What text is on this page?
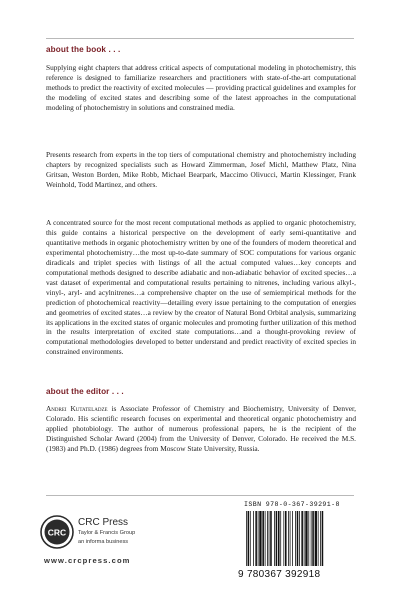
about the book . . .

Supplying eight chapters that address critical aspects of computational modeling in photochemistry, this reference is designed to familiarize researchers and practitioners with state-of-the-art computational methods to predict the reactivity of excited molecules — providing practical guidelines and examples for the modeling of excited states and describing some of the latest approaches in the computational modeling of photochemistry in solutions and constrained media.

Presents research from experts in the top tiers of computational chemistry and photochemistry including chapters by recognized specialists such as Howard Zimmerman, Josef Michl, Matthew Platz, Nina Gritsan, Weston Borden, Mike Robb, Michael Bearpark, Maccimo Olivucci, Martin Klessinger, Frank Weinhold, Todd Martinez, and others.

A concentrated source for the most recent computational methods as applied to organic photochemistry, this guide contains a historical perspective on the development of early semi-quantitative and quantitative methods in organic photochemistry written by one of the founders of modern theoretical and experimental photochemistry…the most up-to-date summary of SOC computations for various organic diradicals and triplet species with listings of all the actual computed values…key concepts and computational methods designed to describe adiabatic and non-adiabatic behavior of excited species…a vast dataset of experimental and computational results pertaining to nitrenes, including various alkyl-, vinyl-, aryl- and acylnitrenes…a comprehensive chapter on the use of semiempirical methods for the prediction of photochemical reactivity—detailing every issue pertaining to the computation of energies and geometries of excited states…a review by the creator of Natural Bond Orbital analysis, summarizing its applications in the excited states of organic molecules and promoting further utilization of this method in the results interpretation of excited state computations…and a thought-provoking review of computational methodologies developed to better understand and predict reactivity of excited species in constrained environments.

about the editor . . .

Andrei Kutateladze is Associate Professor of Chemistry and Biochemistry, University of Denver, Colorado. His scientific research focuses on experimental and theoretical organic photochemistry and applied photobiology. The author of numerous professional papers, he is the recipient of the Distinguished Scholar Award (2004) from the University of Denver, Colorado. He received the M.S. (1983) and Ph.D. (1986) degrees from Moscow State University, Russia.

CRC
CRC Press
Taylor & Francis Group
an informa business
www.crcpress.com
ISBN 978-0-367-39291-8
9 780367 392918
